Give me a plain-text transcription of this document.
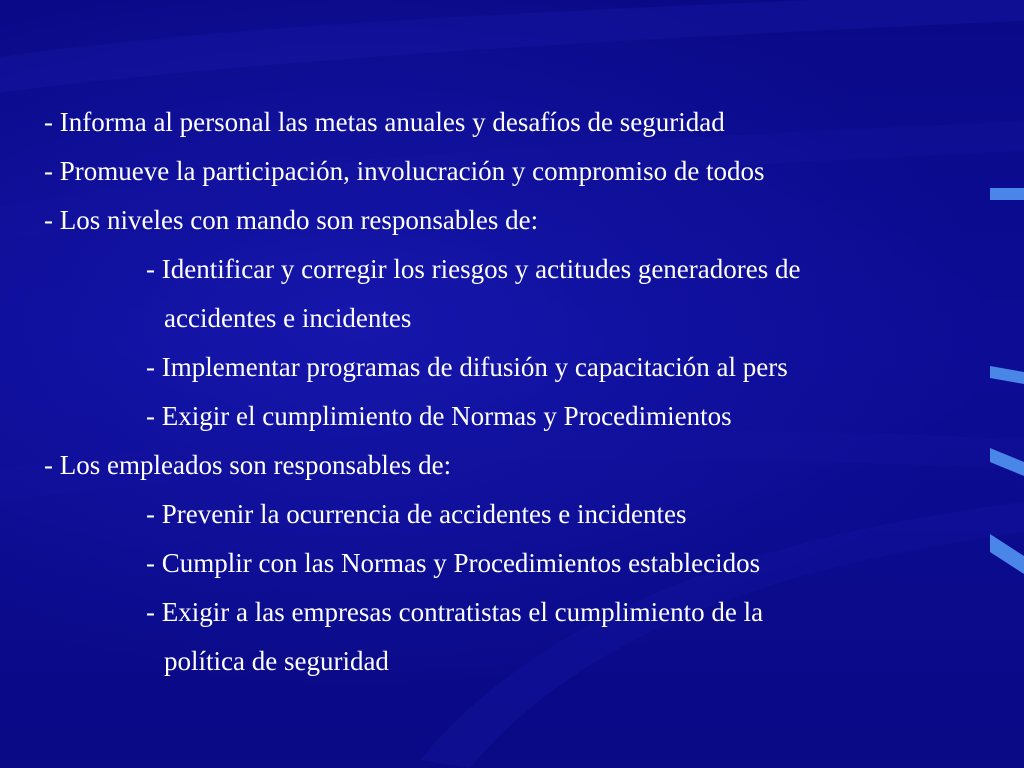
- Informa al personal las metas anuales y desafíos de seguridad
- Promueve la participación, involucración y compromiso de todos
- Los niveles con mando son responsables de:
- Identificar y corregir los riesgos y actitudes generadores de
accidentes e incidentes
- Implementar programas de difusión y capacitación al pers
- Exigir el cumplimiento de Normas y Procedimientos
- Los empleados son responsables de:
- Prevenir la ocurrencia de accidentes e incidentes
- Cumplir con las Normas y Procedimientos establecidos
- Exigir a las empresas contratistas el cumplimiento de la
política de seguridad
